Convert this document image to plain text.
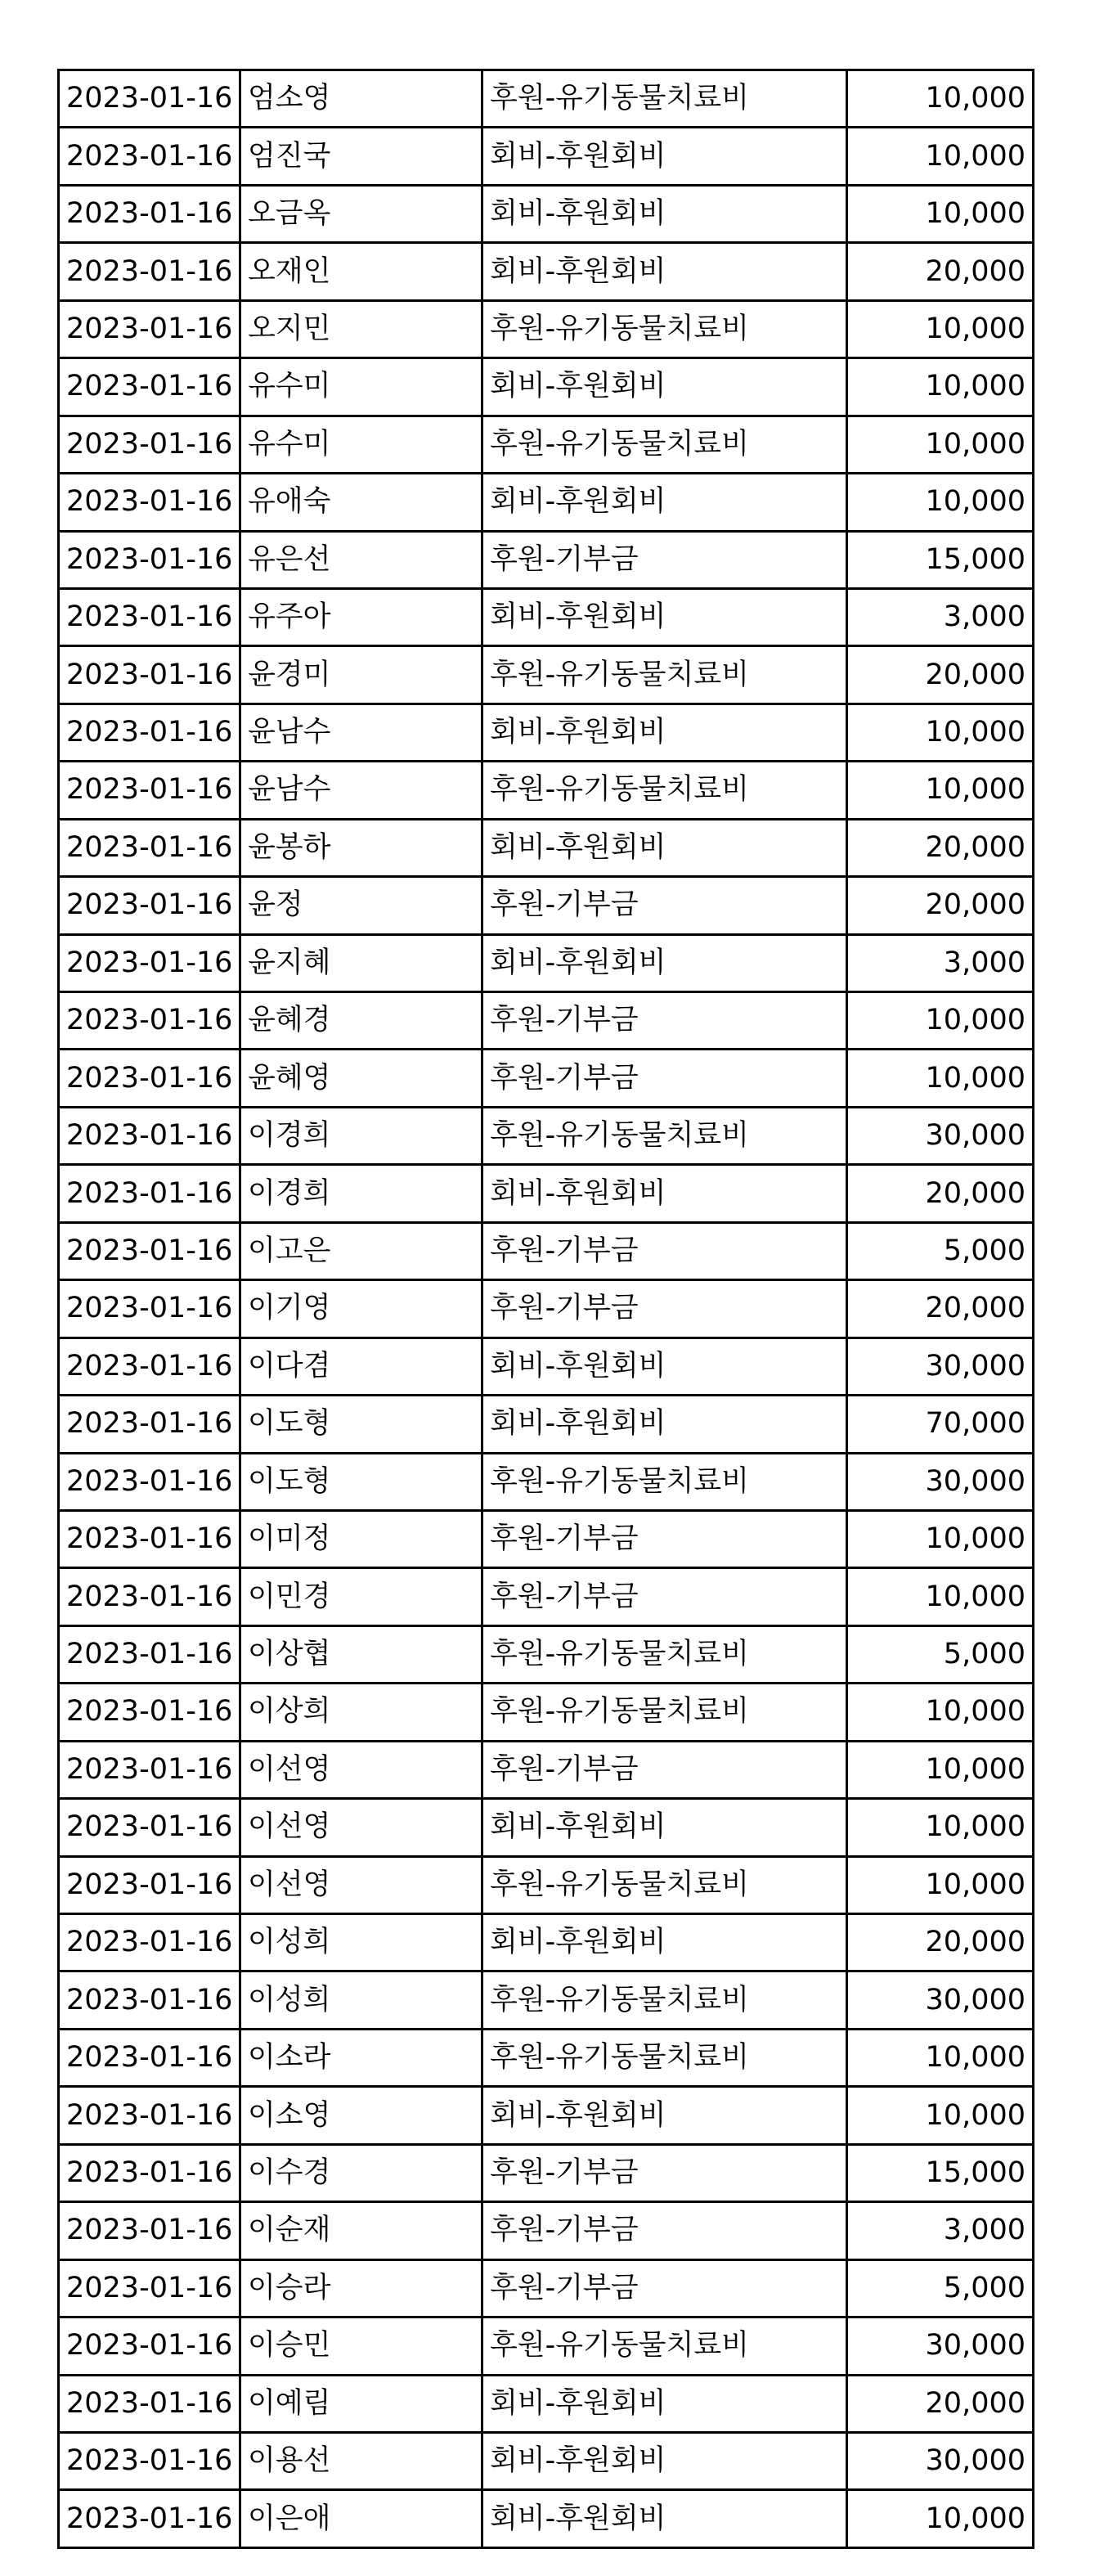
2023-01-16	엄소영	후원-유기동물치료비	10,000
2023-01-16	엄진국	회비-후원회비	10,000
2023-01-16	오금옥	회비-후원회비	10,000
2023-01-16	오재인	회비-후원회비	20,000
2023-01-16	오지민	후원-유기동물치료비	10,000
2023-01-16	유수미	회비-후원회비	10,000
2023-01-16	유수미	후원-유기동물치료비	10,000
2023-01-16	유애숙	회비-후원회비	10,000
2023-01-16	유은선	후원-기부금	15,000
2023-01-16	유주아	회비-후원회비	3,000
2023-01-16	윤경미	후원-유기동물치료비	20,000
2023-01-16	윤남수	회비-후원회비	10,000
2023-01-16	윤남수	후원-유기동물치료비	10,000
2023-01-16	윤봉하	회비-후원회비	20,000
2023-01-16	윤정	후원-기부금	20,000
2023-01-16	윤지혜	회비-후원회비	3,000
2023-01-16	윤혜경	후원-기부금	10,000
2023-01-16	윤혜영	후원-기부금	10,000
2023-01-16	이경희	후원-유기동물치료비	30,000
2023-01-16	이경희	회비-후원회비	20,000
2023-01-16	이고은	후원-기부금	5,000
2023-01-16	이기영	후원-기부금	20,000
2023-01-16	이다겸	회비-후원회비	30,000
2023-01-16	이도형	회비-후원회비	70,000
2023-01-16	이도형	후원-유기동물치료비	30,000
2023-01-16	이미정	후원-기부금	10,000
2023-01-16	이민경	후원-기부금	10,000
2023-01-16	이상협	후원-유기동물치료비	5,000
2023-01-16	이상희	후원-유기동물치료비	10,000
2023-01-16	이선영	후원-기부금	10,000
2023-01-16	이선영	회비-후원회비	10,000
2023-01-16	이선영	후원-유기동물치료비	10,000
2023-01-16	이성희	회비-후원회비	20,000
2023-01-16	이성희	후원-유기동물치료비	30,000
2023-01-16	이소라	후원-유기동물치료비	10,000
2023-01-16	이소영	회비-후원회비	10,000
2023-01-16	이수경	후원-기부금	15,000
2023-01-16	이순재	후원-기부금	3,000
2023-01-16	이승라	후원-기부금	5,000
2023-01-16	이승민	후원-유기동물치료비	30,000
2023-01-16	이예림	회비-후원회비	20,000
2023-01-16	이용선	회비-후원회비	30,000
2023-01-16	이은애	회비-후원회비	10,000
